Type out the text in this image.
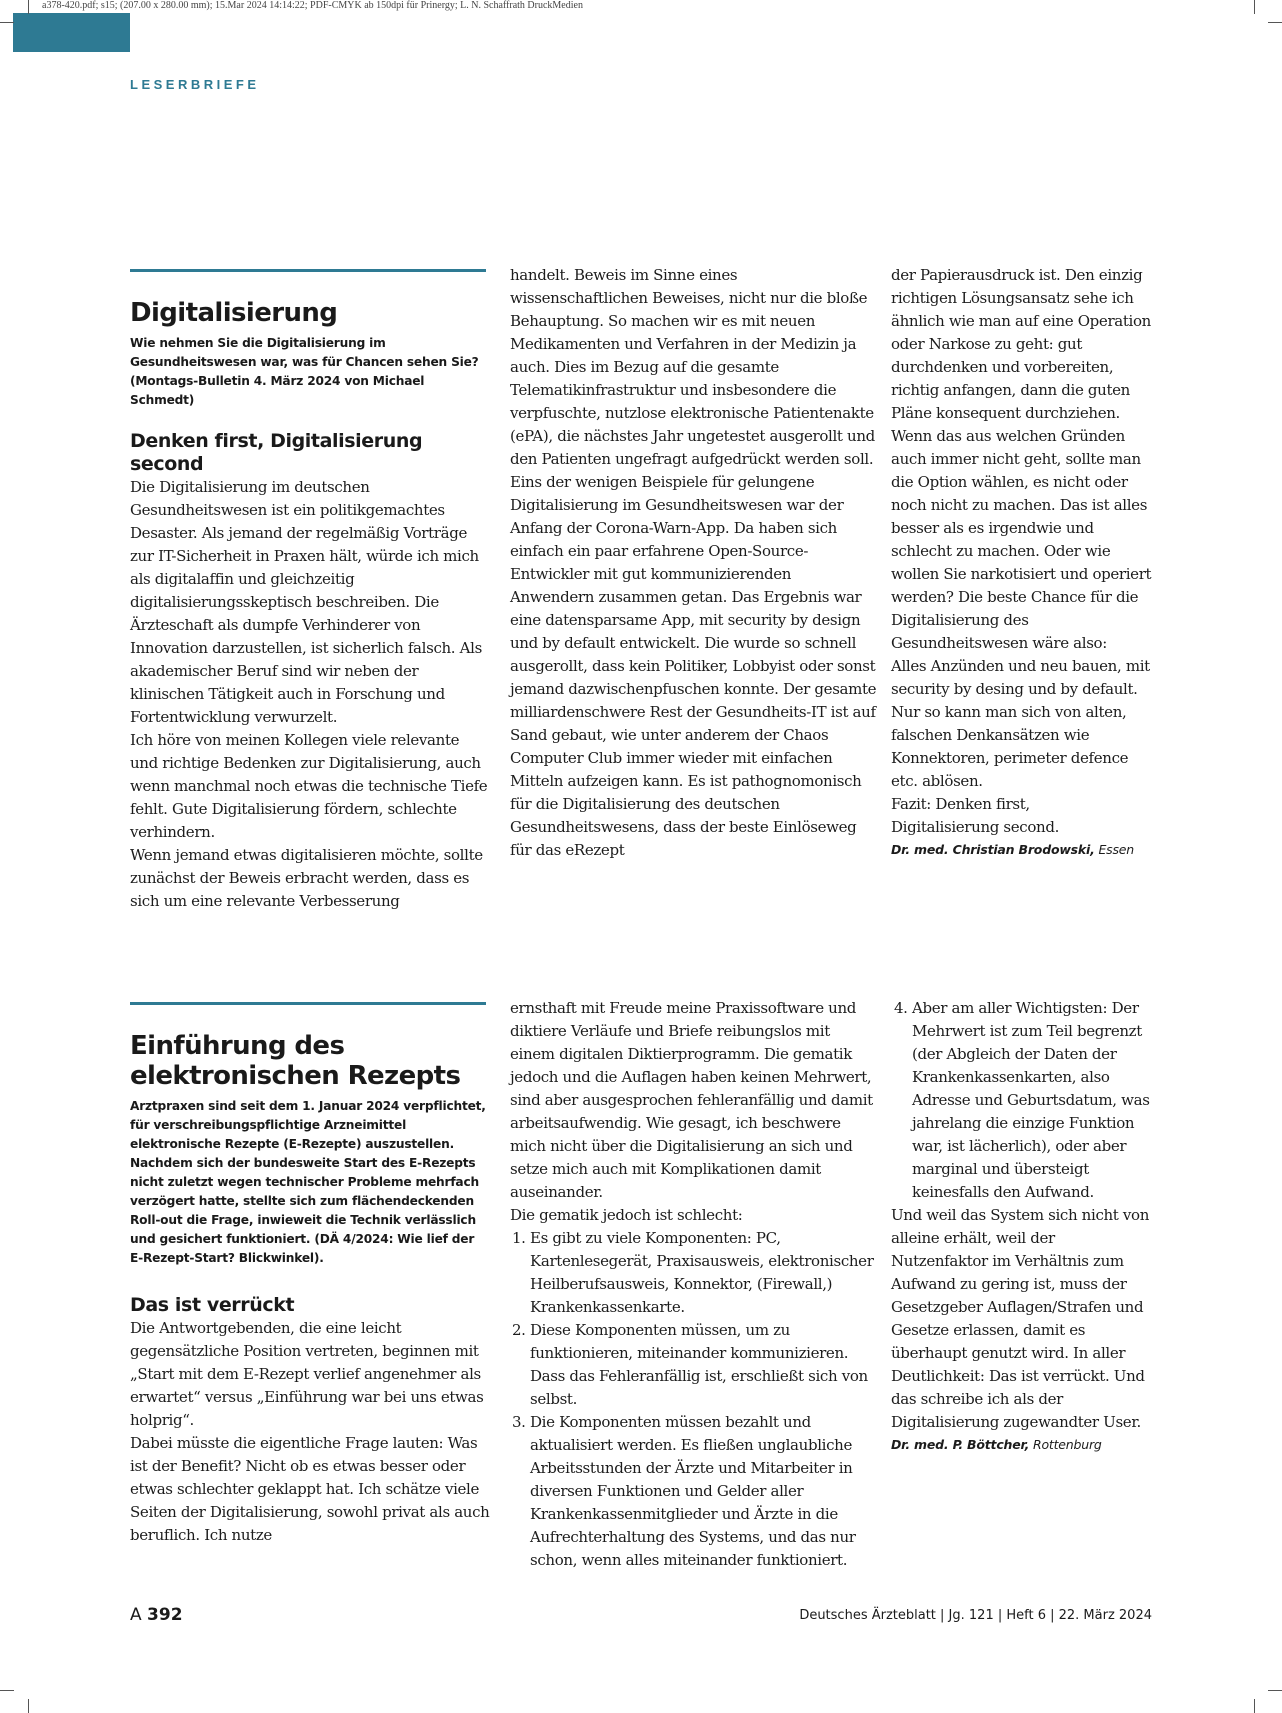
a378-420.pdf; s15; (207.00 x 280.00 mm); 15.Mar 2024 14:14:22; PDF-CMYK ab 150dpi für Prinergy; L. N. Schaffrath DruckMedien
LESERBRIEFE
Digitalisierung

Wie nehmen Sie die Digitalisierung im Gesundheitswesen war, was für Chancen sehen Sie? (Montags-Bulletin 4. März 2024 von Michael Schmedt)

Denken first, Digitalisierung second

Die Digitalisierung im deutschen Gesundheitswesen ist ein politikgemachtes Desaster. Als jemand der regelmäßig Vorträge zur IT-Sicherheit in Praxen hält, würde ich mich als digitalaffin und gleichzeitig digitalisierungsskeptisch beschreiben. Die Ärzteschaft als dumpfe Verhinderer von Innovation darzustellen, ist sicherlich falsch. Als akademischer Beruf sind wir neben der klinischen Tätigkeit auch in Forschung und Fortentwicklung verwurzelt.

Ich höre von meinen Kollegen viele relevante und richtige Bedenken zur Digitalisierung, auch wenn manchmal noch etwas die technische Tiefe fehlt. Gute Digitalisierung fördern, schlechte verhindern.

Wenn jemand etwas digitalisieren möchte, sollte zunächst der Beweis erbracht werden, dass es sich um eine relevante Verbesserung

handelt. Beweis im Sinne eines wissenschaftlichen Beweises, nicht nur die bloße Behauptung. So machen wir es mit neuen Medikamenten und Verfahren in der Medizin ja auch. Dies im Bezug auf die gesamte Telematikinfrastruktur und insbesondere die verpfuschte, nutzlose elektronische Patientenakte (ePA), die nächstes Jahr ungetestet ausgerollt und den Patienten ungefragt aufgedrückt werden soll. Eins der wenigen Beispiele für gelungene Digitalisierung im Gesundheitswesen war der Anfang der Corona-Warn-App. Da haben sich einfach ein paar erfahrene Open-Source-Entwickler mit gut kommunizierenden Anwendern zusammen getan. Das Ergebnis war eine datensparsame App, mit security by design und by default entwickelt. Die wurde so schnell ausgerollt, dass kein Politiker, Lobbyist oder sonst jemand dazwischenpfuschen konnte. Der gesamte milliardenschwere Rest der Gesundheits-IT ist auf Sand gebaut, wie unter anderem der Chaos Computer Club immer wieder mit einfachen Mitteln aufzeigen kann. Es ist pathognomonisch für die Digitalisierung des deutschen Gesundheitswesens, dass der beste Einlöseweg für das eRezept

der Papierausdruck ist. Den einzig richtigen Lösungsansatz sehe ich ähnlich wie man auf eine Operation oder Narkose zu geht: gut durchdenken und vorbereiten, richtig anfangen, dann die guten Pläne konsequent durchziehen. Wenn das aus welchen Gründen auch immer nicht geht, sollte man die Option wählen, es nicht oder noch nicht zu machen. Das ist alles besser als es irgendwie und schlecht zu machen. Oder wie wollen Sie narkotisiert und operiert werden? Die beste Chance für die Digitalisierung des Gesundheitswesen wäre also:

Alles Anzünden und neu bauen, mit security by desing und by default. Nur so kann man sich von alten, falschen Denkansätzen wie Konnektoren, perimeter defence etc. ablösen.

Fazit: Denken first,

Digitalisierung second.

Dr. med. Christian Brodowski, Essen
Einführung des elektronischen Rezepts

Arztpraxen sind seit dem 1. Januar 2024 verpflichtet, für verschreibungspflichtige Arzneimittel elektronische Rezepte (E-Rezepte) auszustellen. Nachdem sich der bundesweite Start des E-Rezepts nicht zuletzt wegen technischer Probleme mehrfach verzögert hatte, stellte sich zum flächendeckenden Roll-out die Frage, inwieweit die Technik verlässlich und gesichert funktioniert. (DÄ 4/2024: Wie lief der E-Rezept-Start? Blickwinkel).

Das ist verrückt

Die Antwortgebenden, die eine leicht gegensätzliche Position vertreten, beginnen mit „Start mit dem E-Rezept verlief angenehmer als erwartet“ versus „Einführung war bei uns etwas holprig“.

Dabei müsste die eigentliche Frage lauten: Was ist der Benefit? Nicht ob es etwas besser oder etwas schlechter geklappt hat. Ich schätze viele Seiten der Digitalisierung, sowohl privat als auch beruflich. Ich nutze

ernsthaft mit Freude meine Praxissoftware und diktiere Verläufe und Briefe reibungslos mit einem digitalen Diktierprogramm. Die gematik jedoch und die Auflagen haben keinen Mehrwert, sind aber ausgesprochen fehleranfällig und damit arbeitsaufwendig. Wie gesagt, ich beschwere mich nicht über die Digitalisierung an sich und setze mich auch mit Komplikationen damit auseinander.

Die gematik jedoch ist schlecht:

1. Es gibt zu viele Komponenten: PC, Kartenlesegerät, Praxisausweis, elektronischer Heilberufsausweis, Konnektor, (Firewall,) Krankenkassenkarte.
2. Diese Komponenten müssen, um zu funktionieren, miteinander kommunizieren. Dass das Fehleranfällig ist, erschließt sich von selbst.
3. Die Komponenten müssen bezahlt und aktualisiert werden. Es fließen unglaubliche Arbeitsstunden der Ärzte und Mitarbeiter in diversen Funktionen und Gelder aller Krankenkassenmitglieder und Ärzte in die Aufrechterhaltung des Systems, und das nur schon, wenn alles miteinander funktioniert.
4. Aber am aller Wichtigsten: Der Mehrwert ist zum Teil begrenzt (der Abgleich der Daten der Krankenkassenkarten, also Adresse und Geburtsdatum, was jahrelang die einzige Funktion war, ist lächerlich), oder aber marginal und übersteigt keinesfalls den Aufwand.

Und weil das System sich nicht von alleine erhält, weil der Nutzenfaktor im Verhältnis zum Aufwand zu gering ist, muss der Gesetzgeber Auflagen/Strafen und Gesetze erlassen, damit es überhaupt genutzt wird. In aller Deutlichkeit: Das ist verrückt. Und das schreibe ich als der Digitalisierung zugewandter User.

Dr. med. P. Böttcher, Rottenburg
A 392	Deutsches Ärzteblatt | Jg. 121 | Heft 6 | 22. März 2024
